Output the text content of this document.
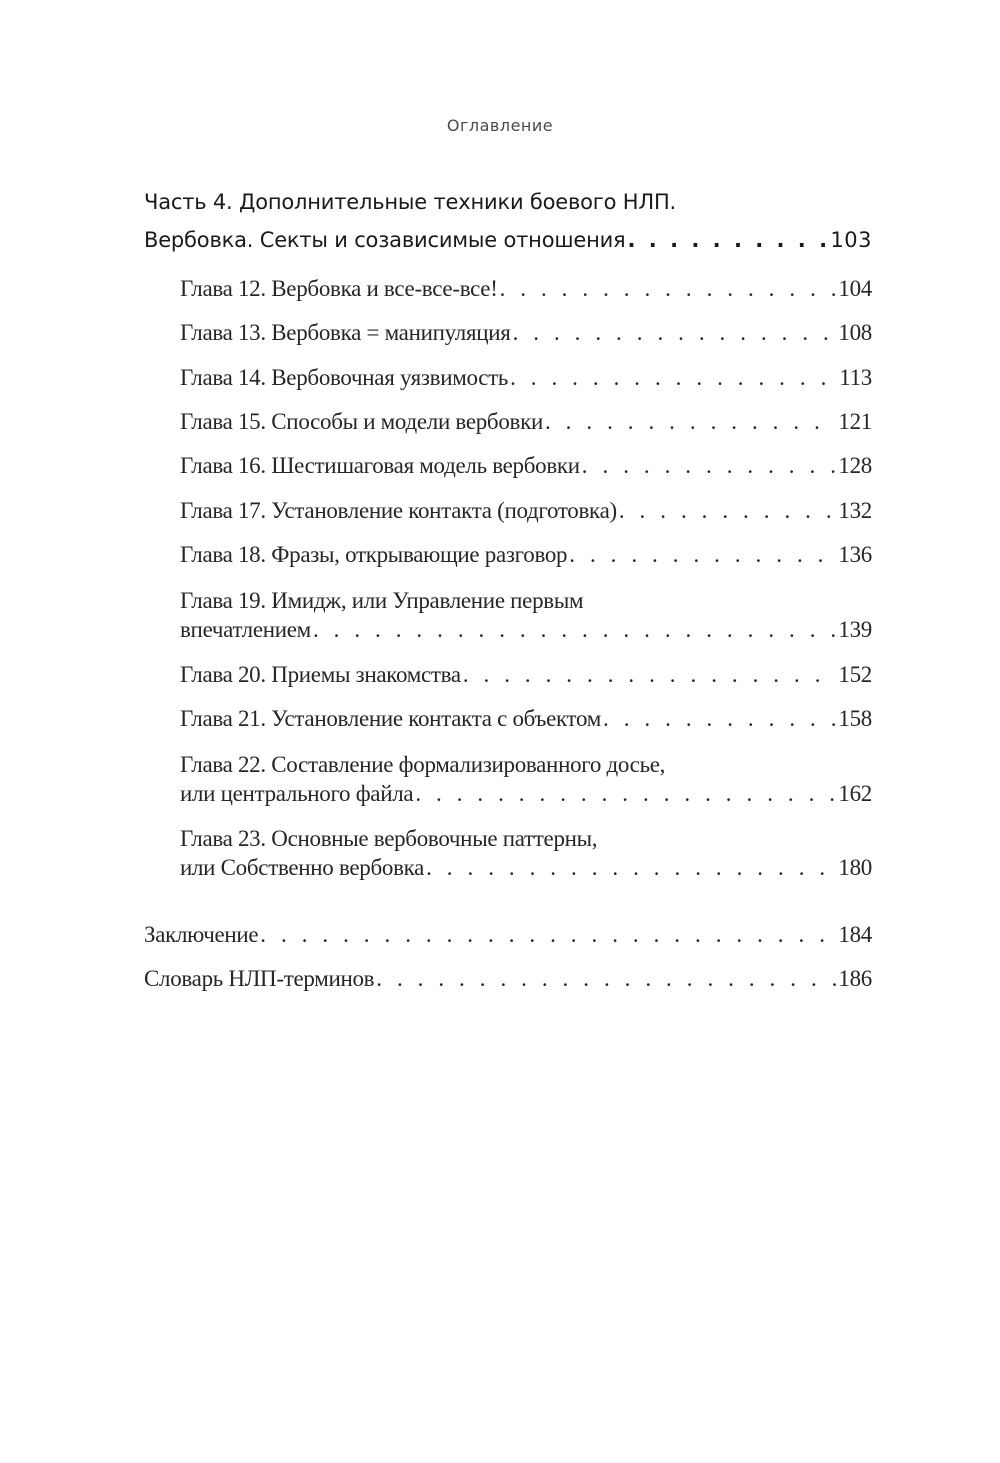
Оглавление
Часть 4. Дополнительные техники боевого НЛП.
Вербовка. Секты и созависимые отношения . . .	103
Глава 12. Вербовка и все-все-все! . . .	104
Глава 13. Вербовка = манипуляция . . .	108
Глава 14. Вербовочная уязвимость . . .	113
Глава 15. Способы и модели вербовки . . .	121
Глава 16. Шестишаговая модель вербовки . . .	128
Глава 17. Установление контакта (подготовка) . . .	132
Глава 18. Фразы, открывающие разговор . . .	136
Глава 19. Имидж, или Управление первым
впечатлением . . .	139
Глава 20. Приемы знакомства . . .	152
Глава 21. Установление контакта с объектом . . .	158
Глава 22. Составление формализированного досье,
или центрального файла . . .	162
Глава 23. Основные вербовочные паттерны,
или Собственно вербовка . . .	180
Заключение . . .	184
Словарь НЛП-терминов . . .	186
